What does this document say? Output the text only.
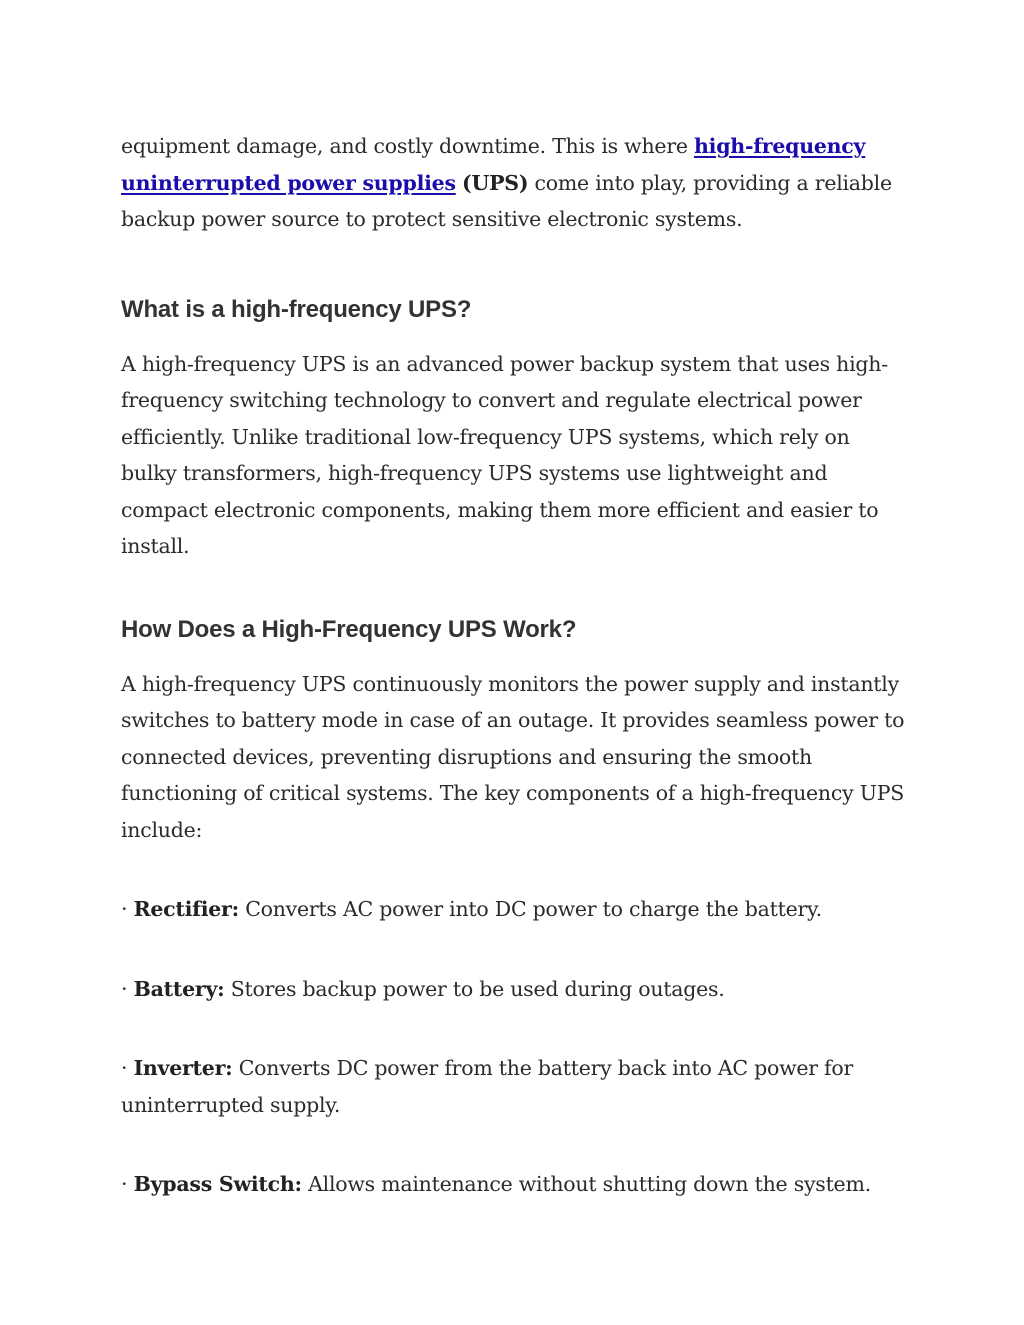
equipment damage, and costly downtime. This is where high-frequency uninterrupted power supplies (UPS) come into play, providing a reliable backup power source to protect sensitive electronic systems.

What is a high-frequency UPS?

A high-frequency UPS is an advanced power backup system that uses high-frequency switching technology to convert and regulate electrical power efficiently. Unlike traditional low-frequency UPS systems, which rely on bulky transformers, high-frequency UPS systems use lightweight and compact electronic components, making them more efficient and easier to install.

How Does a High-Frequency UPS Work?

A high-frequency UPS continuously monitors the power supply and instantly switches to battery mode in case of an outage. It provides seamless power to connected devices, preventing disruptions and ensuring the smooth functioning of critical systems. The key components of a high-frequency UPS include:

· Rectifier: Converts AC power into DC power to charge the battery.

· Battery: Stores backup power to be used during outages.

· Inverter: Converts DC power from the battery back into AC power for uninterrupted supply.

· Bypass Switch: Allows maintenance without shutting down the system.
